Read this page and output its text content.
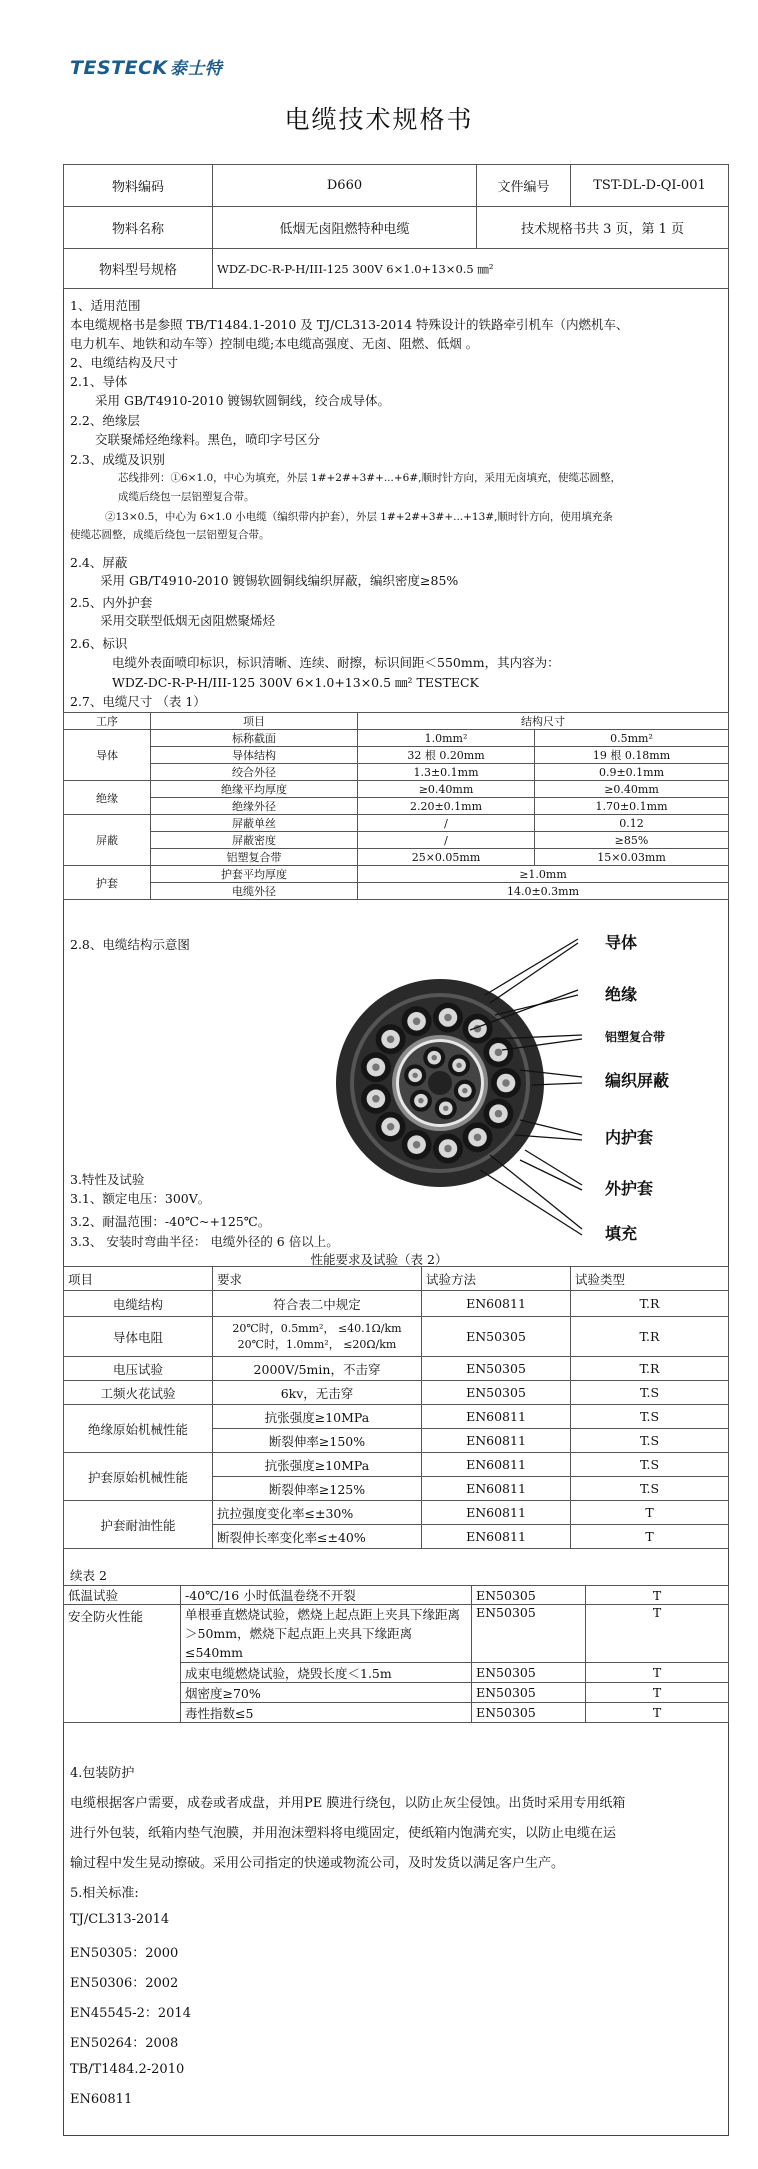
TESTECK 泰士特
电缆技术规格书
物料编码	D660	文件编号	TST-DL-D-QI-001
物料名称	低烟无卤阻燃特种电缆	技术规格书共 3 页，第 1 页	
物料型号规格	WDZ-DC-R-P-H/III-125 300V 6×1.0+13×0.5 ㎜²		
1、适用范围
本电缆规格书是参照 TB/T1484.1-2010 及 TJ/CL313-2014 特殊设计的铁路牵引机车（内燃机车、
电力机车、地铁和动车等）控制电缆;本电缆高强度、无卤、阻燃、低烟 。
2、电缆结构及尺寸
2.1、导体
采用 GB/T4910-2010 镀锡软圆铜线，绞合成导体。
2.2、绝缘层
交联聚烯烃绝缘料。黑色，喷印字号区分
2.3、成缆及识别
芯线排列：①6×1.0，中心为填充，外层 1#+2#+3#+...+6#,顺时针方向，采用无卤填充，使缆芯圆整，
成缆后绕包一层铝塑复合带。
②13×0.5，中心为 6×1.0 小电缆（编织带内护套），外层 1#+2#+3#+...+13#,顺时针方向，使用填充条
使缆芯圆整，成缆后绕包一层铝塑复合带。
2.4、屏蔽
采用 GB/T4910-2010 镀锡软圆铜线编织屏蔽，编织密度≥85%
2.5、内外护套
采用交联型低烟无卤阻燃聚烯烃
2.6、标识
电缆外表面喷印标识，标识清晰、连续、耐擦，标识间距＜550mm，其内容为：
WDZ-DC-R-P-H/III-125 300V 6×1.0+13×0.5 ㎜² TESTECK
2.7、电缆尺寸 （表 1）
工序	项目	结构尺寸	
导体	标称截面	1.0mm²	0.5mm²
	导体结构	32 根 0.20mm	19 根 0.18mm
	绞合外径	1.3±0.1mm	0.9±0.1mm
绝缘	绝缘平均厚度	≥0.40mm	≥0.40mm
	绝缘外径	2.20±0.1mm	1.70±0.1mm
屏蔽	屏蔽单丝	/	0.12
	屏蔽密度	/	≥85%
	铝塑复合带	25×0.05mm	15×0.03mm
护套	护套平均厚度	≥1.0mm	
	电缆外径	14.0±0.3mm	
2.8、电缆结构示意图	导体
绝缘
铝塑复合带
编织屏蔽
内护套
外护套
填充
3.特性及试验
3.1、额定电压：300V。
3.2、耐温范围：-40℃~+125℃。
3.3、 安装时弯曲半径： 电缆外径的 6 倍以上。
性能要求及试验（表 2）
项目	要求	试验方法	试验类型
电缆结构	符合表二中规定	EN60811	T.R
导体电阻	20℃时，0.5mm²， ≤40.1Ω/km
20℃时，1.0mm²， ≤20Ω/km	EN50305	T.R
电压试验	2000V/5min，不击穿	EN50305	T.R
工频火花试验	6kv，无击穿	EN50305	T.S
绝缘原始机械性能	抗张强度≥10MPa	EN60811	T.S
	断裂伸率≥150%	EN60811	T.S
护套原始机械性能	抗张强度≥10MPa	EN60811	T.S
	断裂伸率≥125%	EN60811	T.S
护套耐油性能	抗拉强度变化率≤±30%	EN60811	T
	断裂伸长率变化率≤±40%	EN60811	T
续表 2
低温试验	-40℃/16 小时低温卷绕不开裂	EN50305	T
安全防火性能	单根垂直燃烧试验，燃烧上起点距上夹具下缘距离＞50mm，燃烧下起点距上夹具下缘距离≤540mm	EN50305	T
	成束电缆燃烧试验，烧毁长度＜1.5m	EN50305	T
	烟密度≥70%	EN50305	T
	毒性指数≤5	EN50305	T
4.包装防护
电缆根据客户需要，成卷或者成盘，并用PE 膜进行绕包，以防止灰尘侵蚀。出货时采用专用纸箱
进行外包装，纸箱内垫气泡膜，并用泡沫塑料将电缆固定，使纸箱内饱满充实，以防止电缆在运
输过程中发生晃动擦破。采用公司指定的快递或物流公司，及时发货以满足客户生产。
5.相关标准:
TJ/CL313-2014
EN50305：2000
EN50306：2002
EN45545-2：2014
EN50264：2008
TB/T1484.2-2010
EN60811
